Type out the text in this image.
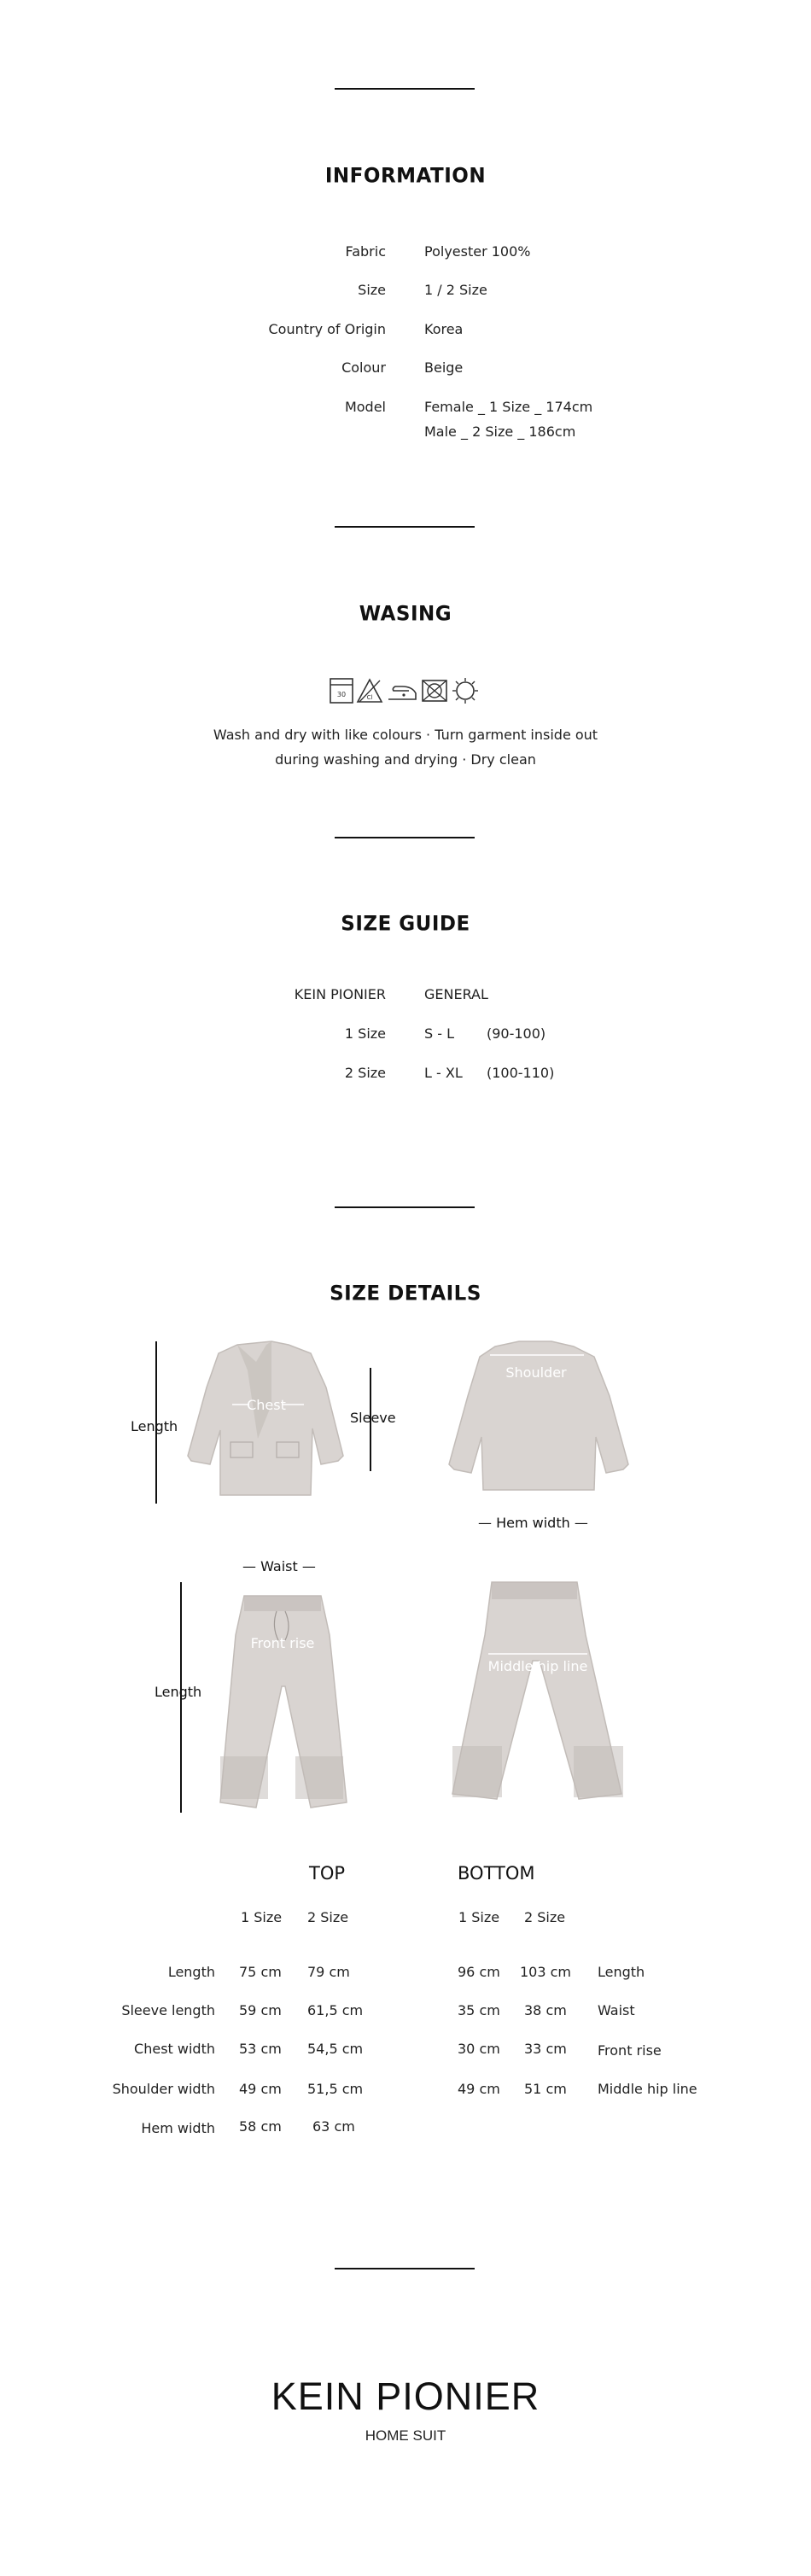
INFORMATION
Fabric	Polyester 100%
Size	1 / 2 Size
Country of Origin	Korea
Colour	Beige
Model	Female _ 1 Size _ 174cm
Male _ 2 Size _ 186cm
WASING
30	Cl
Wash and dry with like colours · Turn garment inside out
during washing and drying · Dry clean
SIZE GUIDE
KEIN PIONIER	GENERAL
1 Size	S - L (90-100)
2 Size	L - XL (100-110)
SIZE DETAILS
Chest
Length
Sleeve
Shoulder
— Hem width —
Front rise
— Waist —
Length
Middle hip line
TOP
1 Size 2 Size
Length 75 cm 79 cm
Sleeve length 59 cm 61,5 cm
Chest width 53 cm 54,5 cm
Shoulder width 49 cm 51,5 cm
Hem width 58 cm 63 cm
BOTTOM
1 Size 2 Size
96 cm 103 cm Length
35 cm 38 cm Waist
30 cm 33 cm Front rise
49 cm 51 cm Middle hip line
KEIN PIONIER
HOME SUIT
